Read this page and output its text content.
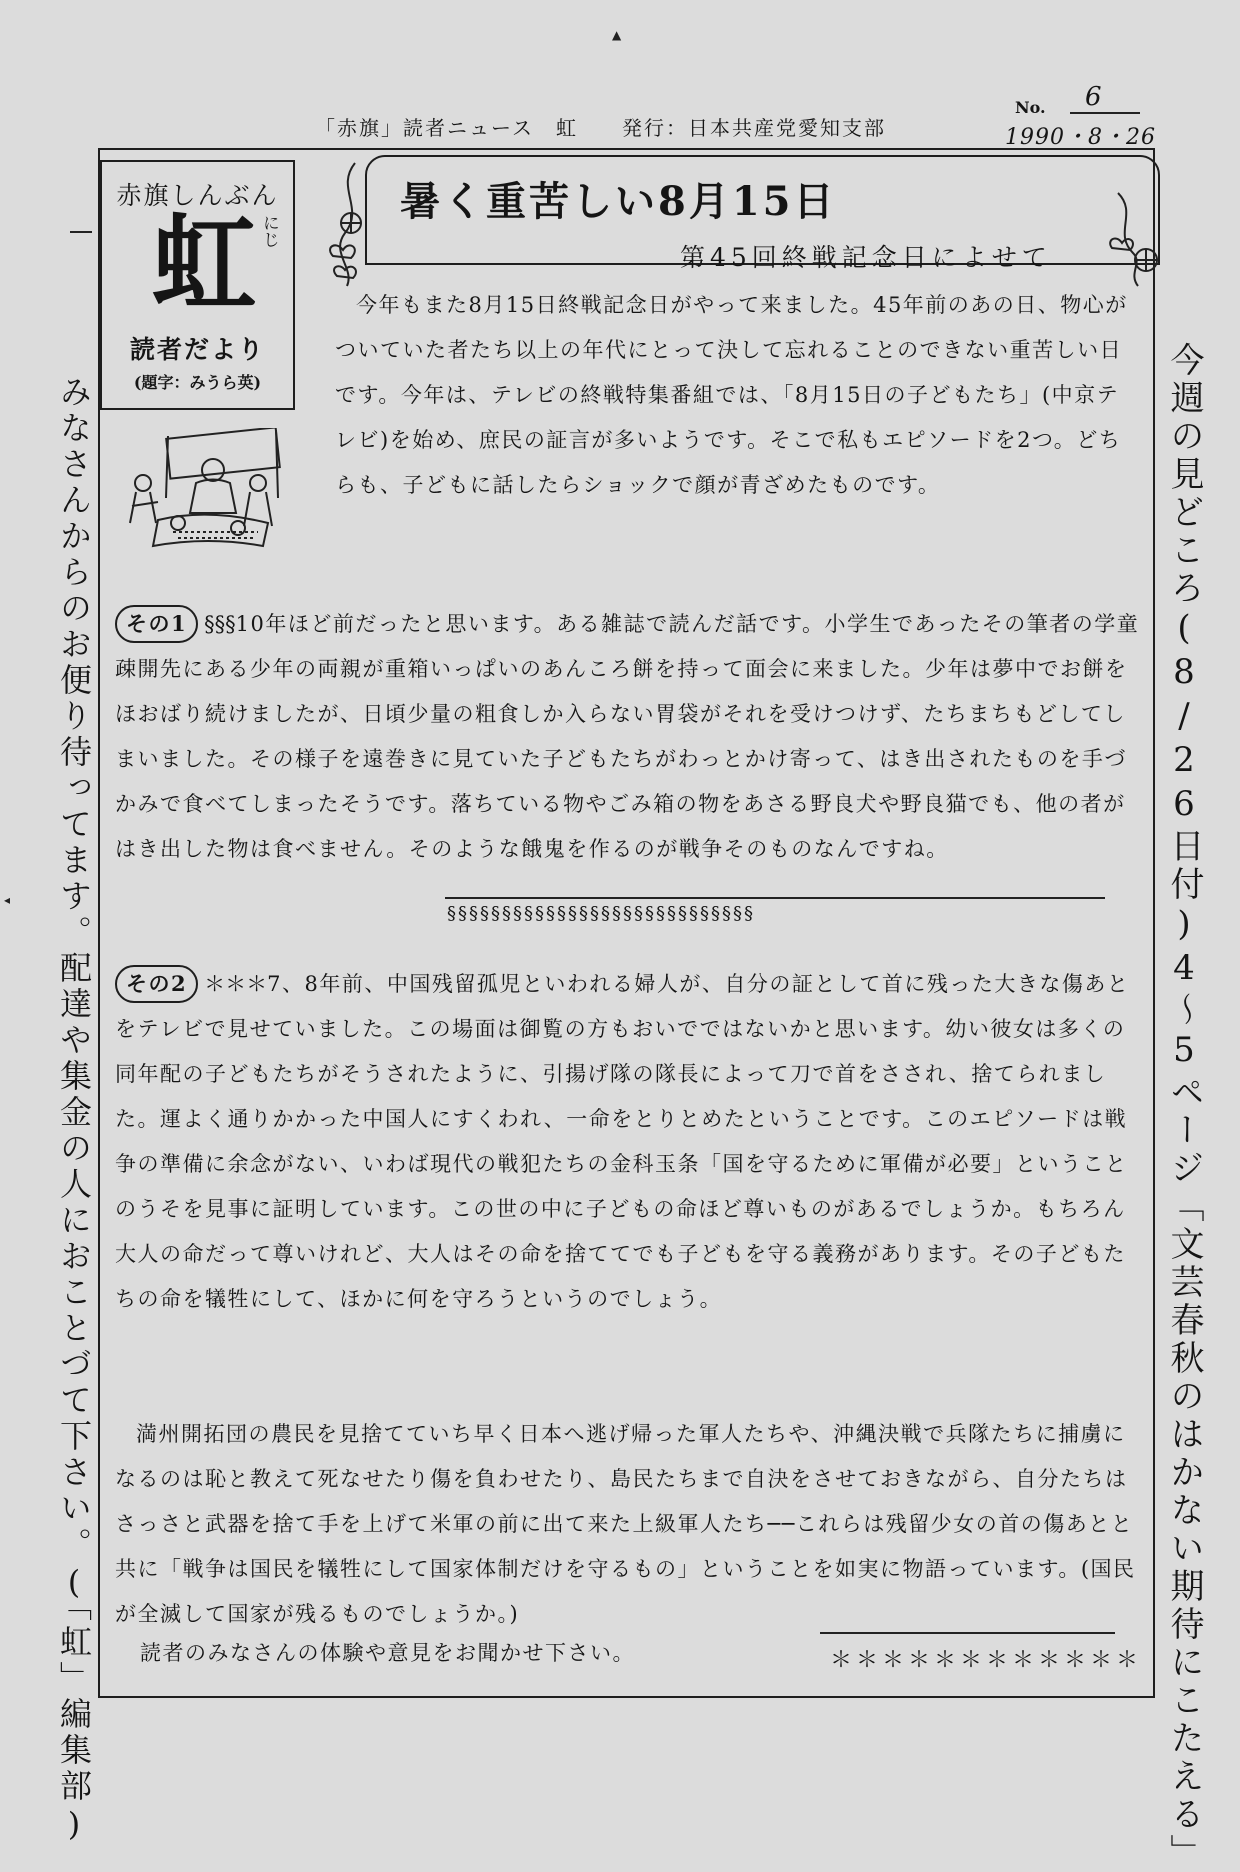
▲
◂
「赤旗」読者ニュース　虹　　発行：日本共産党愛知支部
No. 6
1990・8・26
赤旗しんぶん
虹 にじ
読者だより
(題字：みうら英)
暑く重苦しい8月15日
第45回終戦記念日によせて
今年もまた8月15日終戦記念日がやって来ました。45年前のあの日、物心がついていた者たち以上の年代にとって決して忘れることのできない重苦しい日です。今年は、テレビの終戦特集番組では、「8月15日の子どもたち」(中京テレビ)を始め、庶民の証言が多いようです。そこで私もエピソードを2つ。どちらも、子どもに話したらショックで顔が青ざめたものです。
その1 §§§10年ほど前だったと思います。ある雑誌で読んだ話です。小学生であったその筆者の学童疎開先にある少年の両親が重箱いっぱいのあんころ餅を持って面会に来ました。少年は夢中でお餅をほおばり続けましたが、日頃少量の粗食しか入らない胃袋がそれを受けつけず、たちまちもどしてしまいました。その様子を遠巻きに見ていた子どもたちがわっとかけ寄って、はき出されたものを手づかみで食べてしまったそうです。落ちている物やごみ箱の物をあさる野良犬や野良猫でも、他の者がはき出した物は食べません。そのような餓鬼を作るのが戦争そのものなんですね。
§§§§§§§§§§§§§§§§§§§§§§§§§§§§
その2 ＊＊＊7、8年前、中国残留孤児といわれる婦人が、自分の証として首に残った大きな傷あとをテレビで見せていました。この場面は御覧の方もおいでではないかと思います。幼い彼女は多くの同年配の子どもたちがそうされたように、引揚げ隊の隊長によって刀で首をさされ、捨てられました。運よく通りかかった中国人にすくわれ、一命をとりとめたということです。このエピソードは戦争の準備に余念がない、いわば現代の戦犯たちの金科玉条「国を守るために軍備が必要」ということのうそを見事に証明しています。この世の中に子どもの命ほど尊いものがあるでしょうか。もちろん大人の命だって尊いけれど、大人はその命を捨ててでも子どもを守る義務があります。その子どもたちの命を犠牲にして、ほかに何を守ろうというのでしょう。
満州開拓団の農民を見捨てていち早く日本へ逃げ帰った軍人たちや、沖縄決戦で兵隊たちに捕虜になるのは恥と教えて死なせたり傷を負わせたり、島民たちまで自決をさせておきながら、自分たちはさっさと武器を捨て手を上げて米軍の前に出て来た上級軍人たち──これらは残留少女の首の傷あとと共に「戦争は国民を犠牲にして国家体制だけを守るもの」ということを如実に物語っています。(国民が全滅して国家が残るものでしょうか。)
読者のみなさんの体験や意見をお聞かせ下さい。	＊＊＊＊＊＊＊＊＊＊＊＊
みなさんからのお便り待ってます。配達や集金の人におことづて下さい。(「虹」編集部)	今週の見どころ(8/26日付)4〜5ページ「文芸春秋のはかない期待にこたえる」
